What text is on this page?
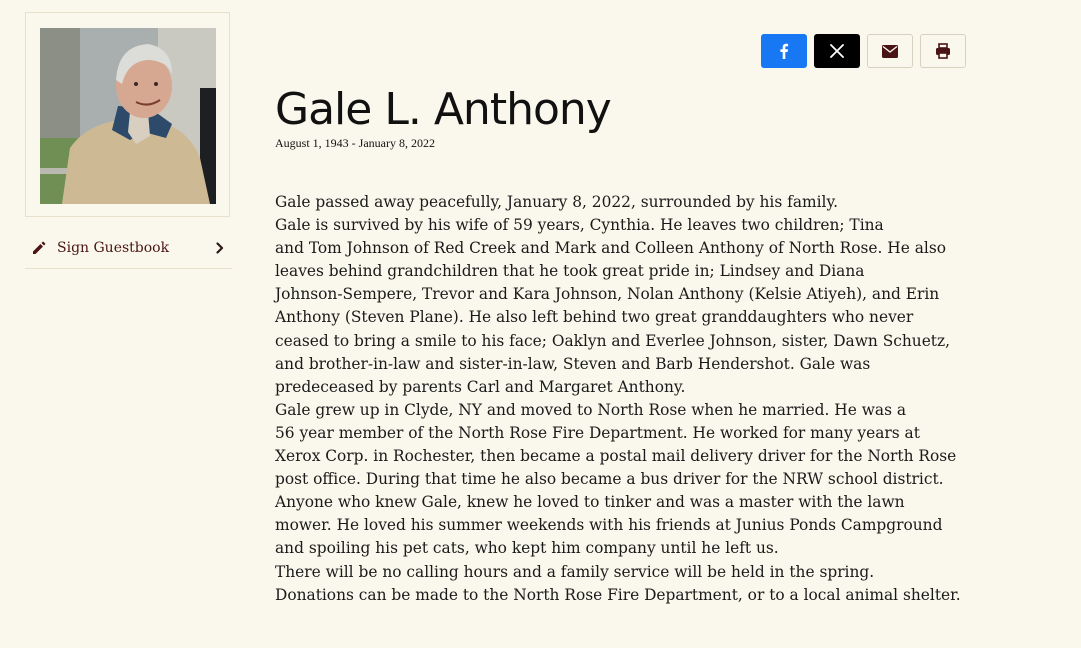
Sign Guestbook
Gale L. Anthony
August 1, 1943 - January 8, 2022
Gale passed away peacefully, January 8, 2022, surrounded by his family.
Gale is survived by his wife of 59 years, Cynthia. He leaves two children; Tina
and Tom Johnson of Red Creek and Mark and Colleen Anthony of North Rose. He also
leaves behind grandchildren that he took great pride in; Lindsey and Diana
Johnson-Sempere, Trevor and Kara Johnson, Nolan Anthony (Kelsie Atiyeh), and Erin
Anthony (Steven Plane). He also left behind two great granddaughters who never
ceased to bring a smile to his face; Oaklyn and Everlee Johnson, sister, Dawn Schuetz,
and brother-in-law and sister-in-law, Steven and Barb Hendershot. Gale was
predeceased by parents Carl and Margaret Anthony.
Gale grew up in Clyde, NY and moved to North Rose when he married. He was a
56 year member of the North Rose Fire Department. He worked for many years at
Xerox Corp. in Rochester, then became a postal mail delivery driver for the North Rose
post office. During that time he also became a bus driver for the NRW school district.
Anyone who knew Gale, knew he loved to tinker and was a master with the lawn
mower. He loved his summer weekends with his friends at Junius Ponds Campground
and spoiling his pet cats, who kept him company until he left us.
There will be no calling hours and a family service will be held in the spring.
Donations can be made to the North Rose Fire Department, or to a local animal shelter.
